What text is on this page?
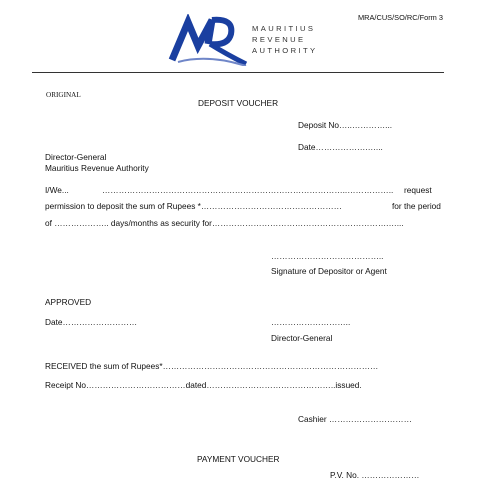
MRA/CUS/SO/RC/Form 3
MAURITIUS
REVENUE
AUTHORITY
ORIGINAL
DEPOSIT VOUCHER
Deposit No…..…………...
Date……………….…...
Director-General
Mauritius Revenue Authority
I/We...	……………………………………………………………………………..…………….. request
permission to deposit the sum of Rupees *……………………………………………	for the period
of ……………….. days/months as security for……………………………………………………….…...
…………………………………..
Signature of Depositor or Agent
APPROVED
Date………………………	………………………..
Director-General
RECEIVED the sum of Rupees*……………………………………………………………………
Receipt No………………………………dated………………………………………..issued.
Cashier …………………………
PAYMENT VOUCHER
P.V. No. …………………
